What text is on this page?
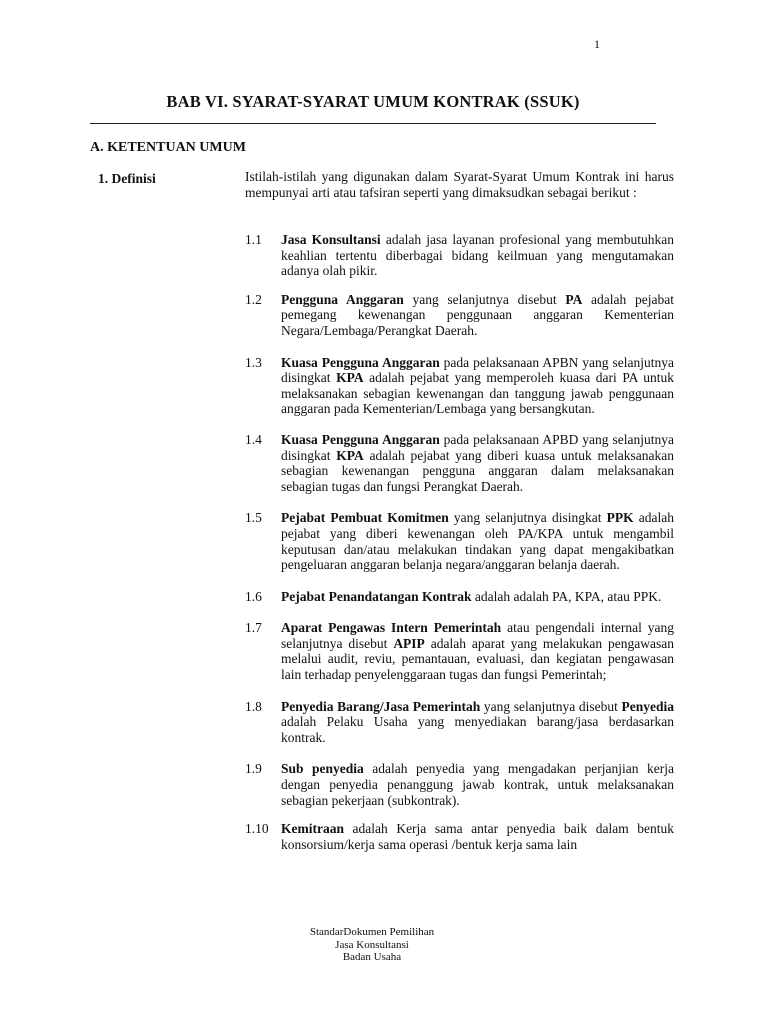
1
BAB VI. SYARAT-SYARAT UMUM KONTRAK (SSUK)
A. KETENTUAN UMUM
1. Definisi	Istilah-istilah yang digunakan dalam Syarat-Syarat Umum Kontrak ini harus mempunyai arti atau tafsiran seperti yang dimaksudkan sebagai berikut :

1.1	Jasa Konsultansi adalah jasa layanan profesional yang membutuhkan keahlian tertentu diberbagai bidang keilmuan yang mengutamakan adanya olah pikir.

1.2	Pengguna Anggaran yang selanjutnya disebut PA adalah pejabat pemegang kewenangan penggunaan anggaran Kementerian Negara/Lembaga/Perangkat Daerah.

1.3	Kuasa Pengguna Anggaran pada pelaksanaan APBN yang selanjutnya disingkat KPA adalah pejabat yang memperoleh kuasa dari PA untuk melaksanakan sebagian kewenangan dan tanggung jawab penggunaan anggaran pada Kementerian/Lembaga yang bersangkutan.

1.4	Kuasa Pengguna Anggaran pada pelaksanaan APBD yang selanjutnya disingkat KPA adalah pejabat yang diberi kuasa untuk melaksanakan sebagian kewenangan pengguna anggaran dalam melaksanakan sebagian tugas dan fungsi Perangkat Daerah.

1.5	Pejabat Pembuat Komitmen yang selanjutnya disingkat PPK adalah pejabat yang diberi kewenangan oleh PA/KPA untuk mengambil keputusan dan/atau melakukan tindakan yang dapat mengakibatkan pengeluaran anggaran belanja negara/anggaran belanja daerah.

1.6	Pejabat Penandatangan Kontrak adalah adalah PA, KPA, atau PPK.

1.7	Aparat Pengawas Intern Pemerintah atau pengendali internal yang selanjutnya disebut APIP adalah aparat yang melakukan pengawasan melalui audit, reviu, pemantauan, evaluasi, dan kegiatan pengawasan lain terhadap penyelenggaraan tugas dan fungsi Pemerintah;

1.8	Penyedia Barang/Jasa Pemerintah yang selanjutnya disebut Penyedia adalah Pelaku Usaha yang menyediakan barang/jasa berdasarkan kontrak.

1.9	Sub penyedia adalah penyedia yang mengadakan perjanjian kerja dengan penyedia penanggung jawab kontrak, untuk melaksanakan sebagian pekerjaan (subkontrak).

1.10 Kemitraan adalah Kerja sama antar penyedia baik dalam bentuk konsorsium/kerja sama operasi /bentuk kerja sama lain

StandarDokumen Pemilihan
Jasa Konsultansi
Badan Usaha
